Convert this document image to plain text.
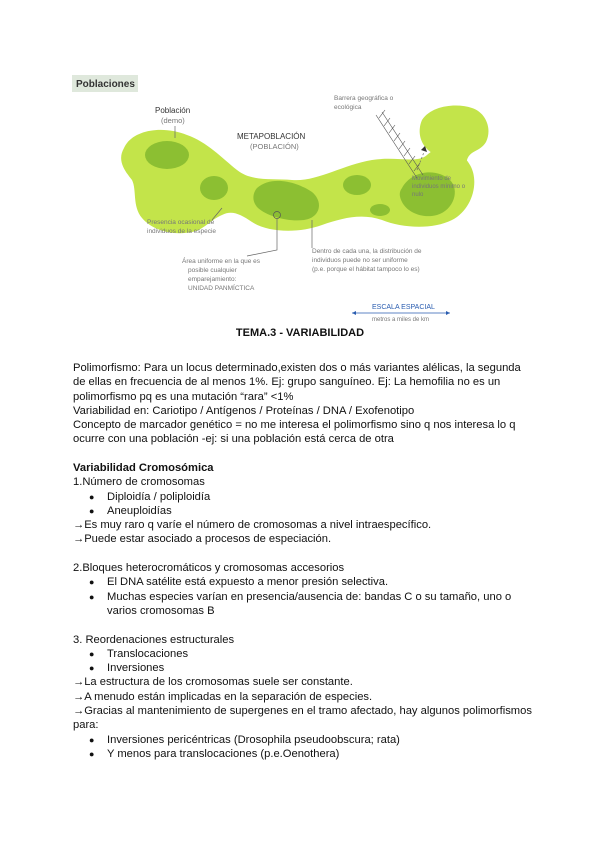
Poblaciones
Población
(demo)
METAPOBLACIÓN
(POBLACIÓN)
Barrera geográfica o
ecológica
Movimiento de
individuos mínimo o
nulo
Presencia ocasional de
individuos de la especie
Área uniforme en la que es
posible cualquier
emparejamiento:
UNIDAD PANMÍCTICA
Dentro de cada una, la distribución de
individuos puede no ser uniforme
(p.e. porque el hábitat tampoco lo es)
ESCALA ESPACIAL
metros a miles de km
TEMA.3 - VARIABILIDAD

Polimorfismo: Para un locus determinado,existen dos o más variantes alélicas, la segunda

de ellas en frecuencia de al menos 1%. Ej: grupo sanguíneo. Ej: La hemofilia no es un

polimorfismo pq es una mutación “rara” <1%

Variabilidad en: Cariotipo / Antígenos / Proteínas / DNA / Exofenotipo

Concepto de marcador genético = no me interesa el polimorfismo sino q nos interesa lo q

ocurre con una población -ej: si una población está cerca de otra

Variabilidad Cromosómica

1.Número de cromosomas

● Diploidía / poliploidía
● Aneuploidías

→Es muy raro q varíe el número de cromosomas a nivel intraespecífico.

→Puede estar asociado a procesos de especiación.

2.Bloques heterocromáticos y cromosomas accesorios

● El DNA satélite está expuesto a menor presión selectiva.
● Muchas especies varían en presencia/ausencia de: bandas C o su tamaño, uno o
varios cromosomas B

3. Reordenaciones estructurales

● Translocaciones
● Inversiones

→La estructura de los cromosomas suele ser constante.

→A menudo están implicadas en la separación de especies.

→Gracias al mantenimiento de supergenes en el tramo afectado, hay algunos polimorfismos

para:

● Inversiones pericéntricas (Drosophila pseudoobscura; rata)
● Y menos para translocaciones (p.e.Oenothera)
